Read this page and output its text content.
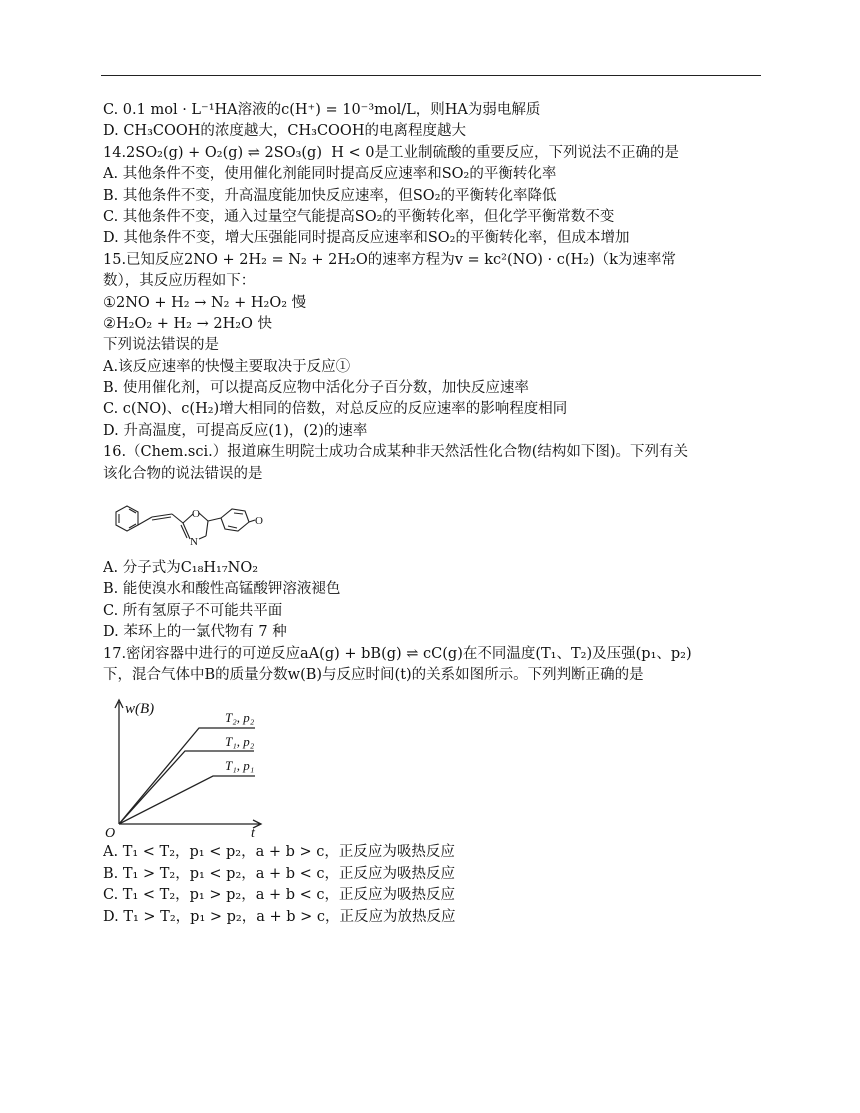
C. 0.1 mol · L⁻¹HA溶液的c(H⁺) = 10⁻³mol/L，则HA为弱电解质
D. CH₃COOH的浓度越大，CH₃COOH的电离程度越大
14.2SO₂(g) + O₂(g) ⇌ 2SO₃(g)  H < 0是工业制硫酸的重要反应，下列说法不正确的是
A. 其他条件不变，使用催化剂能同时提高反应速率和SO₂的平衡转化率
B. 其他条件不变，升高温度能加快反应速率，但SO₂的平衡转化率降低
C. 其他条件不变，通入过量空气能提高SO₂的平衡转化率，但化学平衡常数不变
D. 其他条件不变，增大压强能同时提高反应速率和SO₂的平衡转化率，但成本增加
15.已知反应2NO + 2H₂ = N₂ + 2H₂O的速率方程为v = kc²(NO) · c(H₂)（k为速率常
数），其反应历程如下：
①2NO + H₂ → N₂ + H₂O₂ 慢
②H₂O₂ + H₂ → 2H₂O 快
下列说法错误的是
A.该反应速率的快慢主要取决于反应①
B. 使用催化剂，可以提高反应物中活化分子百分数，加快反应速率
C. c(NO)、c(H₂)增大相同的倍数，对总反应的反应速率的影响程度相同
D. 升高温度，可提高反应(1)，(2)的速率
16.（Chem.sci.）报道麻生明院士成功合成某种非天然活性化合物(结构如下图)。下列有关
该化合物的说法错误的是
O
N
O
A. 分子式为C₁₈H₁₇NO₂
B. 能使溴水和酸性高锰酸钾溶液褪色
C. 所有氢原子不可能共平面
D. 苯环上的一氯代物有 7 种
17.密闭容器中进行的可逆反应aA(g) + bB(g) ⇌ cC(g)在不同温度(T₁、T₂)及压强(p₁、p₂)
下，混合气体中B的质量分数w(B)与反应时间(t)的关系如图所示。下列判断正确的是
w(B)
t
O
T₂, p₂
T₁, p₂
T₁, p₁
A. T₁ < T₂，p₁ < p₂，a + b > c，正反应为吸热反应
B. T₁ > T₂，p₁ < p₂，a + b < c，正反应为吸热反应
C. T₁ < T₂，p₁ > p₂，a + b < c，正反应为吸热反应
D. T₁ > T₂，p₁ > p₂，a + b > c，正反应为放热反应
